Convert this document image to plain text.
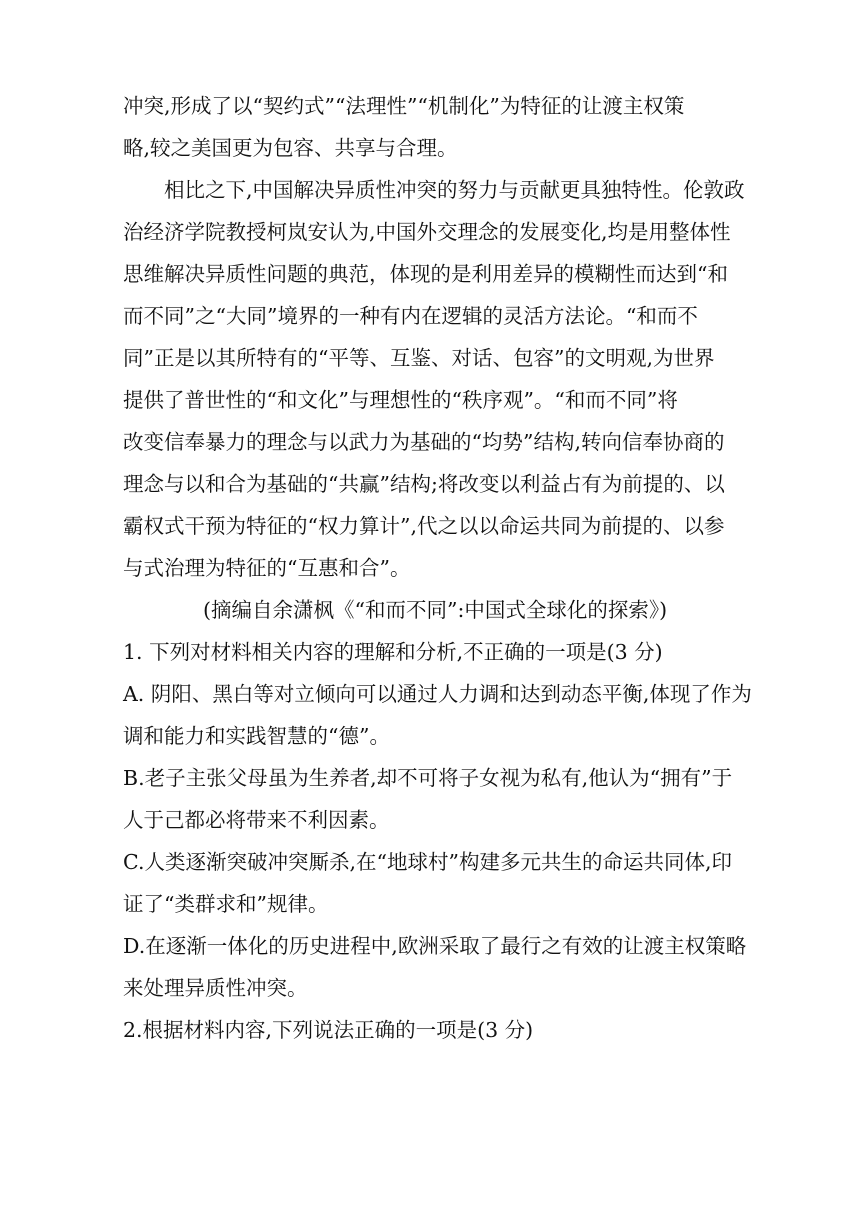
冲突,形成了以“契约式”“法理性”“机制化”为特征的让渡主权策

略,较之美国更为包容、共享与合理。

相比之下,中国解决异质性冲突的努力与贡献更具独特性。伦敦政

治经济学院教授柯岚安认为,中国外交理念的发展变化,均是用整体性

思维解决异质性问题的典范，体现的是利用差异的模糊性而达到“和

而不同”之“大同”境界的一种有内在逻辑的灵活方法论。“和而不

同”正是以其所特有的“平等、互鉴、对话、包容”的文明观,为世界

提供了普世性的“和文化”与理想性的“秩序观”。“和而不同”将

改变信奉暴力的理念与以武力为基础的“均势”结构,转向信奉协商的

理念与以和合为基础的“共赢”结构;将改变以利益占有为前提的、以

霸权式干预为特征的“权力算计”,代之以以命运共同为前提的、以参

与式治理为特征的“互惠和合”。

(摘编自余潇枫《“和而不同”:中国式全球化的探索》)

1. 下列对材料相关内容的理解和分析,不正确的一项是(3 分)

A. 阴阳、黑白等对立倾向可以通过人力调和达到动态平衡,体现了作为

调和能力和实践智慧的“德”。

B.老子主张父母虽为生养者,却不可将子女视为私有,他认为“拥有”于

人于己都必将带来不利因素。

C.人类逐渐突破冲突厮杀,在“地球村”构建多元共生的命运共同体,印

证了“类群求和”规律。

D.在逐渐一体化的历史进程中,欧洲采取了最行之有效的让渡主权策略

来处理异质性冲突。

2.根据材料内容,下列说法正确的一项是(3 分)
